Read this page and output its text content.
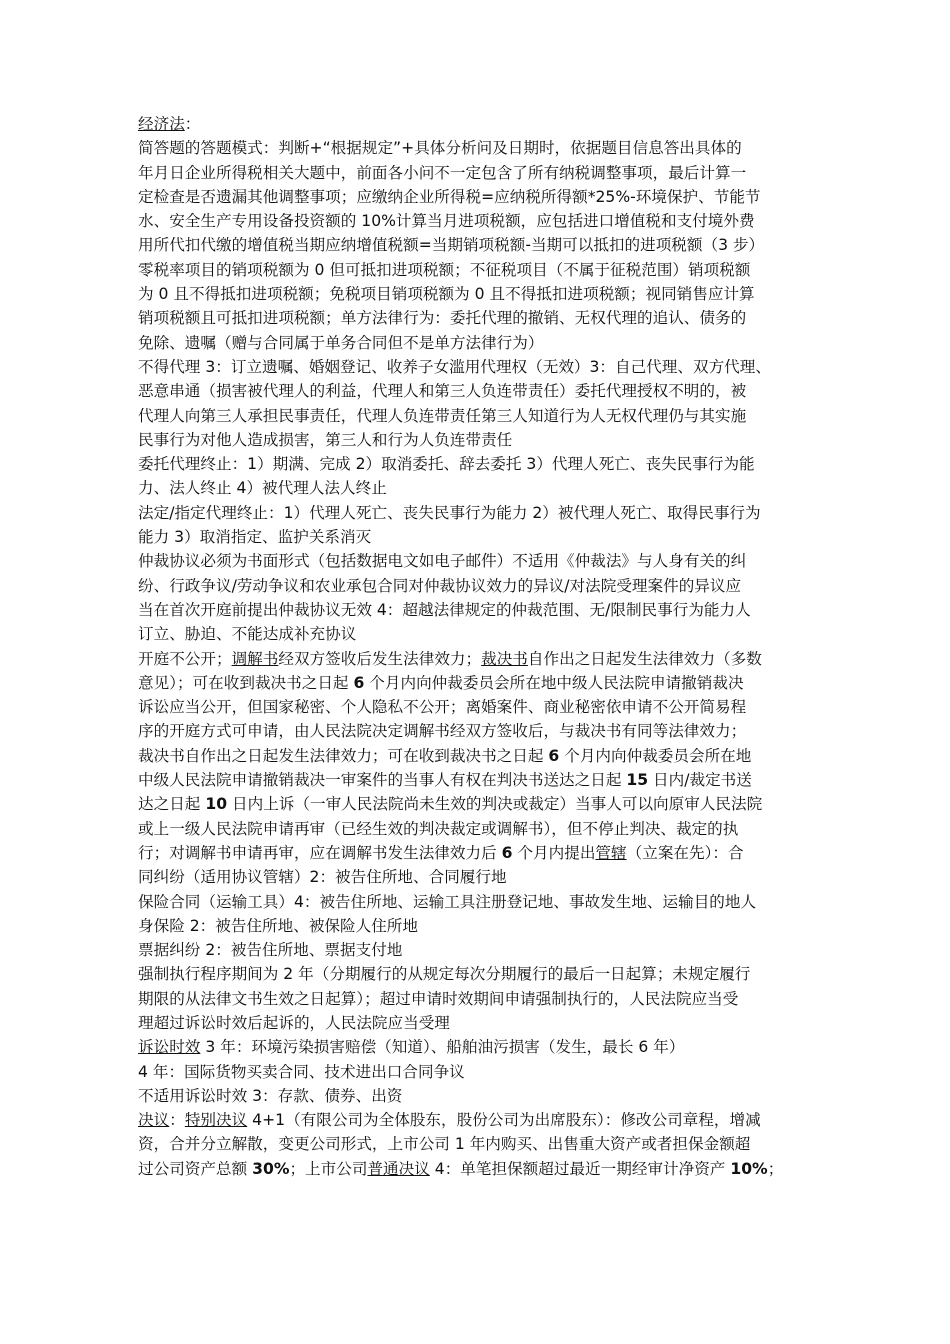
经济法：
简答题的答题模式：判断+“根据规定”+具体分析问及日期时，依据题目信息答出具体的
年月日企业所得税相关大题中，前面各小问不一定包含了所有纳税调整事项，最后计算一
定检查是否遗漏其他调整事项；应缴纳企业所得税=应纳税所得额*25%-环境保护、节能节
水、安全生产专用设备投资额的 10%计算当月进项税额，应包括进口增值税和支付境外费
用所代扣代缴的增值税当期应纳增值税额=当期销项税额-当期可以抵扣的进项税额（3 步）
零税率项目的销项税额为 0 但可抵扣进项税额；不征税项目（不属于征税范围）销项税额
为 0 且不得抵扣进项税额；免税项目销项税额为 0 且不得抵扣进项税额；视同销售应计算
销项税额且可抵扣进项税额；单方法律行为：委托代理的撤销、无权代理的追认、债务的
免除、遗嘱（赠与合同属于单务合同但不是单方法律行为）
不得代理 3：订立遗嘱、婚姻登记、收养子女滥用代理权（无效）3：自己代理、双方代理、
恶意串通（损害被代理人的利益，代理人和第三人负连带责任）委托代理授权不明的，被
代理人向第三人承担民事责任，代理人负连带责任第三人知道行为人无权代理仍与其实施
民事行为对他人造成损害，第三人和行为人负连带责任
委托代理终止：1）期满、完成 2）取消委托、辞去委托 3）代理人死亡、丧失民事行为能
力、法人终止 4）被代理人法人终止
法定/指定代理终止：1）代理人死亡、丧失民事行为能力 2）被代理人死亡、取得民事行为
能力 3）取消指定、监护关系消灭
仲裁协议必须为书面形式（包括数据电文如电子邮件）不适用《仲裁法》与人身有关的纠
纷、行政争议/劳动争议和农业承包合同对仲裁协议效力的异议/对法院受理案件的异议应
当在首次开庭前提出仲裁协议无效 4：超越法律规定的仲裁范围、无/限制民事行为能力人
订立、胁迫、不能达成补充协议
开庭不公开；调解书经双方签收后发生法律效力；裁决书自作出之日起发生法律效力（多数
意见）；可在收到裁决书之日起 6 个月内向仲裁委员会所在地中级人民法院申请撤销裁决
诉讼应当公开，但国家秘密、个人隐私不公开；离婚案件、商业秘密依申请不公开简易程
序的开庭方式可申请，由人民法院决定调解书经双方签收后，与裁决书有同等法律效力；
裁决书自作出之日起发生法律效力；可在收到裁决书之日起 6 个月内向仲裁委员会所在地
中级人民法院申请撤销裁决一审案件的当事人有权在判决书送达之日起 15 日内/裁定书送
达之日起 10 日内上诉（一审人民法院尚未生效的判决或裁定）当事人可以向原审人民法院
或上一级人民法院申请再审（已经生效的判决裁定或调解书），但不停止判决、裁定的执
行；对调解书申请再审，应在调解书发生法律效力后 6 个月内提出管辖（立案在先）：合
同纠纷（适用协议管辖）2：被告住所地、合同履行地
保险合同（运输工具）4：被告住所地、运输工具注册登记地、事故发生地、运输目的地人
身保险 2：被告住所地、被保险人住所地
票据纠纷 2：被告住所地、票据支付地
强制执行程序期间为 2 年（分期履行的从规定每次分期履行的最后一日起算；未规定履行
期限的从法律文书生效之日起算）；超过申请时效期间申请强制执行的，人民法院应当受
理超过诉讼时效后起诉的，人民法院应当受理
诉讼时效 3 年：环境污染损害赔偿（知道）、船舶油污损害（发生，最长 6 年）
4 年：国际货物买卖合同、技术进出口合同争议
不适用诉讼时效 3：存款、债券、出资
决议：特别决议 4+1（有限公司为全体股东，股份公司为出席股东）：修改公司章程，增减
资，合并分立解散，变更公司形式，上市公司 1 年内购买、出售重大资产或者担保金额超
过公司资产总额 30%；上市公司普通决议 4：单笔担保额超过最近一期经审计净资产 10%；
